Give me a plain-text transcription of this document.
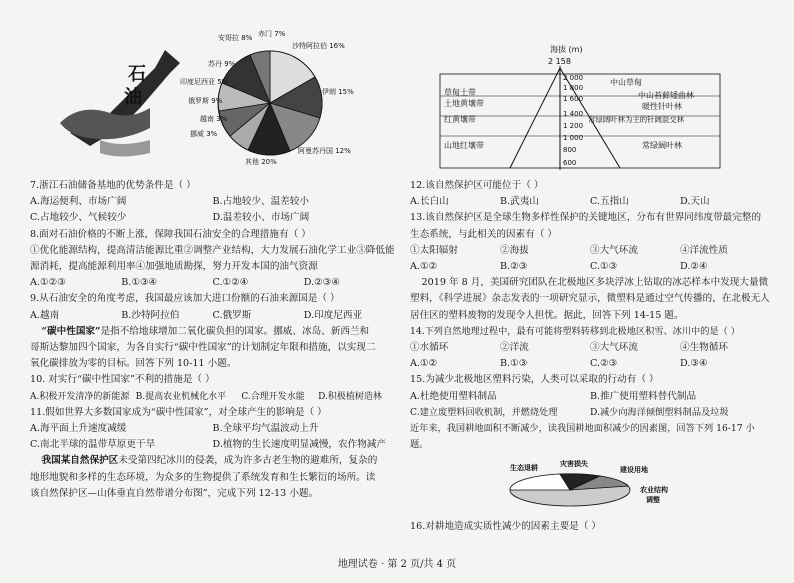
石
油
安哥拉 8% 赤门 7%
沙特阿拉伯 16%
苏丹 9%
印度尼西亚 5%
伊朗 15%
俄罗斯 9%
越南 3%
挪威 3%
阿曼苏丹国 12%
其他 20%
海拔 (m)
2 158
2 000
1 800
1 600
1 400
1 200
1 000
800
600
草甸土带
土地黄壤带
红黄壤带
山地红壤带
中山草甸
中山苔藓矮曲林
暖性针叶林
常绿阔叶林为主的针阔混交林
常绿阔叶林

7.浙江石油储备基地的优势条件是（ ）

A.海运便利、市场广阔	B.占地较少、温差较小
C.占地较少、气候较少	D.温差较小、市场广阔

8.面对石油价格的不断上涨，保障我国石油安全的合理措施有（ ）

①优化能源结构，提高清洁能源比重②调整产业结构，大力发展石油化学工业③降低能

源消耗，提高能源利用率④加强地质勘探，努力开发本国的油气资源

A.①②③	B.①③④	C.①②④	D.②③④

9.从石油安全的角度考虑，我国最应该加大进口份额的石油来源国是（ ）

A.越南	B.沙特阿拉伯	C.俄罗斯	D.印度尼西亚

“碳中性国家”是指不给地球增加二氧化碳负担的国家。挪威、冰岛、新西兰和

哥斯达黎加四个国家，为各自实行“碳中性国家”的计划制定年限和措施，以实现二

氧化碳排放为零的目标。回答下列 10-11 小题。

10. 对实行“碳中性国家”不利的措施是（ ）

A.积极开发清净的新能源 B.提高农业机械化水平	C.合理开发水能	D.积极植树造林

11.假如世界大多数国家成为“碳中性国家”，对全球产生的影响是（ ）

A.海平面上升速度减缓	B.全球平均气温波动上升
C.南北半球的温带草原更干旱	D.植物的生长速度明显减慢，农作物减产

我国某自然保护区未受第四纪冰川的侵袭，成为许多古老生物的避难所，复杂的

地形地貌和多样的生态环境，为众多的生物提供了系统发育和生长繁衍的场所。读

该自然保护区—山体垂直自然带谱分布图”，完成下列 12-13 小题。

12.该自然保护区可能位于（ ）

A.长白山	B.武夷山	C.五指山	D.天山

13.该自然保护区是全球生物多样性保护的关键地区，分布有世界同纬度带最完整的

生态系统，与此相关的因素有（ ）

①太阳辐射	②海拔	③大气环流	④洋流性质
A.①②	B.②③	C.①③	D.②④

2019 年 8 月，美国研究团队在北极地区多块浮冰上钻取的冰芯样本中发现大量微

塑料，《科学进展》杂志发表的一项研究显示，微塑料是通过空气传播的，在北极无人

居住区的塑料废物的发现令人担忧。据此，回答下列 14-15 题。

14.下列自然地理过程中，最有可能将塑料转移到北极地区积雪、冰川中的是（ ）

①水循环	②洋流	③大气环流	④生物循环
A.①②	B.①③	C.②③	D.③④

15.为减少北极地区塑料污染，人类可以采取的行动有（ ）

A.杜绝使用塑料制品	B.推广使用塑料替代制品
C.建立废塑料回收机制，并燃烧处理	D.减少向海洋倾倒塑料制品及垃圾

近年来，我国耕地面积不断减少，读我国耕地面积减少的因素图，回答下列 16-17 小题。

生态退耕	灾害损失
建设用地
农业结构
调整

16.对耕地造成实质性减少的因素主要是（ ）

地理试卷 · 第 2 页/共 4 页
